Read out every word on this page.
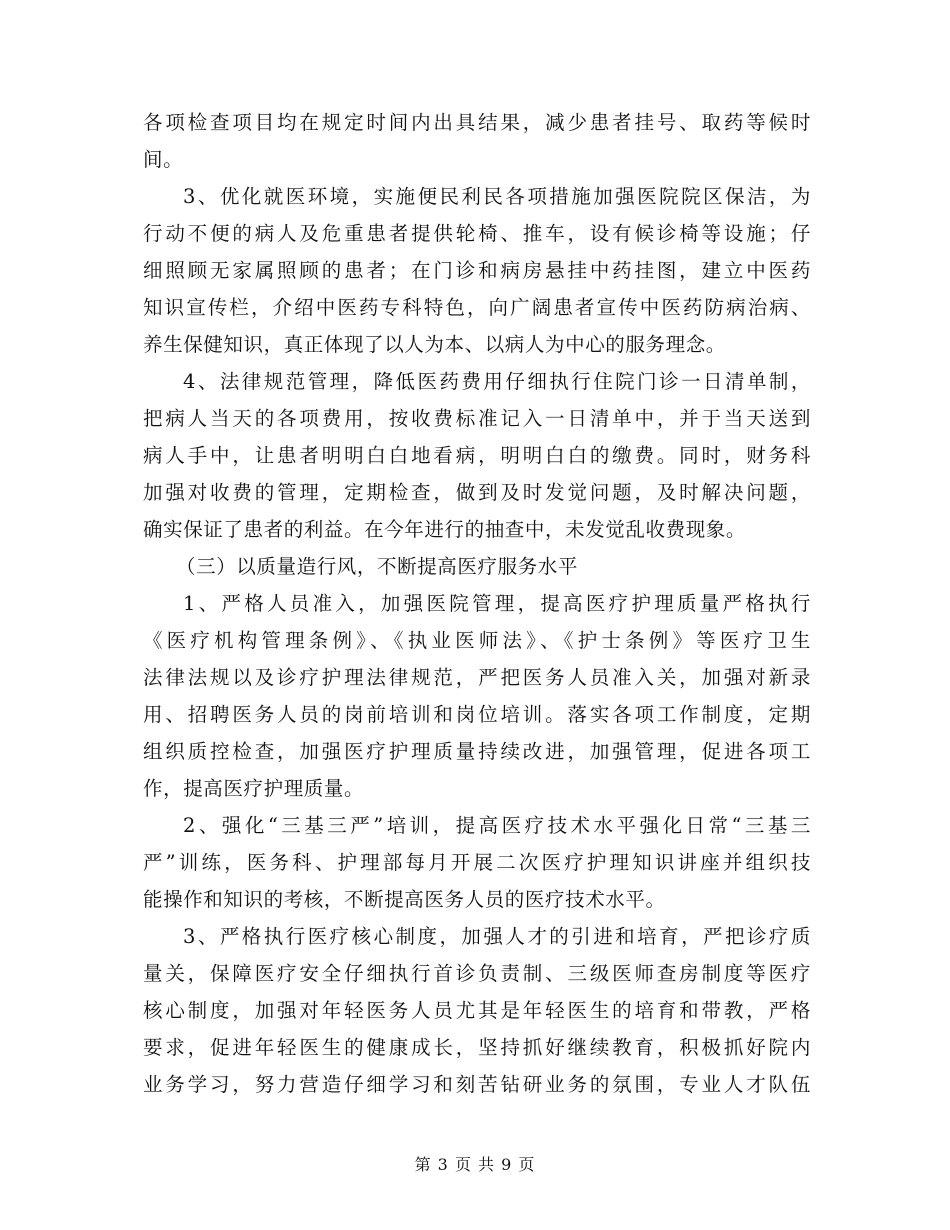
各项检查项目均在规定时间内出具结果，减少患者挂号、取药等候时
间。
3、优化就医环境，实施便民利民各项措施加强医院院区保洁，为
行动不便的病人及危重患者提供轮椅、推车，设有候诊椅等设施；仔
细照顾无家属照顾的患者；在门诊和病房悬挂中药挂图，建立中医药
知识宣传栏，介绍中医药专科特色，向广阔患者宣传中医药防病治病、
养生保健知识，真正体现了以人为本、以病人为中心的服务理念。
4、法律规范管理，降低医药费用仔细执行住院门诊一日清单制，
把病人当天的各项费用，按收费标准记入一日清单中，并于当天送到
病人手中，让患者明明白白地看病，明明白白的缴费。同时，财务科
加强对收费的管理，定期检查，做到及时发觉问题，及时解决问题，
确实保证了患者的利益。在今年进行的抽查中，未发觉乱收费现象。
（三）以质量造行风，不断提高医疗服务水平
1、严格人员准入，加强医院管理，提高医疗护理质量严格执行
《医疗机构管理条例》、《执业医师法》、《护士条例》等医疗卫生
法律法规以及诊疗护理法律规范，严把医务人员准入关，加强对新录
用、招聘医务人员的岗前培训和岗位培训。落实各项工作制度，定期
组织质控检查，加强医疗护理质量持续改进，加强管理，促进各项工
作，提高医疗护理质量。
2、强化“三基三严”培训，提高医疗技术水平强化日常“三基三
严”训练，医务科、护理部每月开展二次医疗护理知识讲座并组织技
能操作和知识的考核，不断提高医务人员的医疗技术水平。
3、严格执行医疗核心制度，加强人才的引进和培育，严把诊疗质
量关，保障医疗安全仔细执行首诊负责制、三级医师查房制度等医疗
核心制度，加强对年轻医务人员尤其是年轻医生的培育和带教，严格
要求，促进年轻医生的健康成长，坚持抓好继续教育，积极抓好院内
业务学习，努力营造仔细学习和刻苦钻研业务的氛围，专业人才队伍
第 3 页 共 9 页
